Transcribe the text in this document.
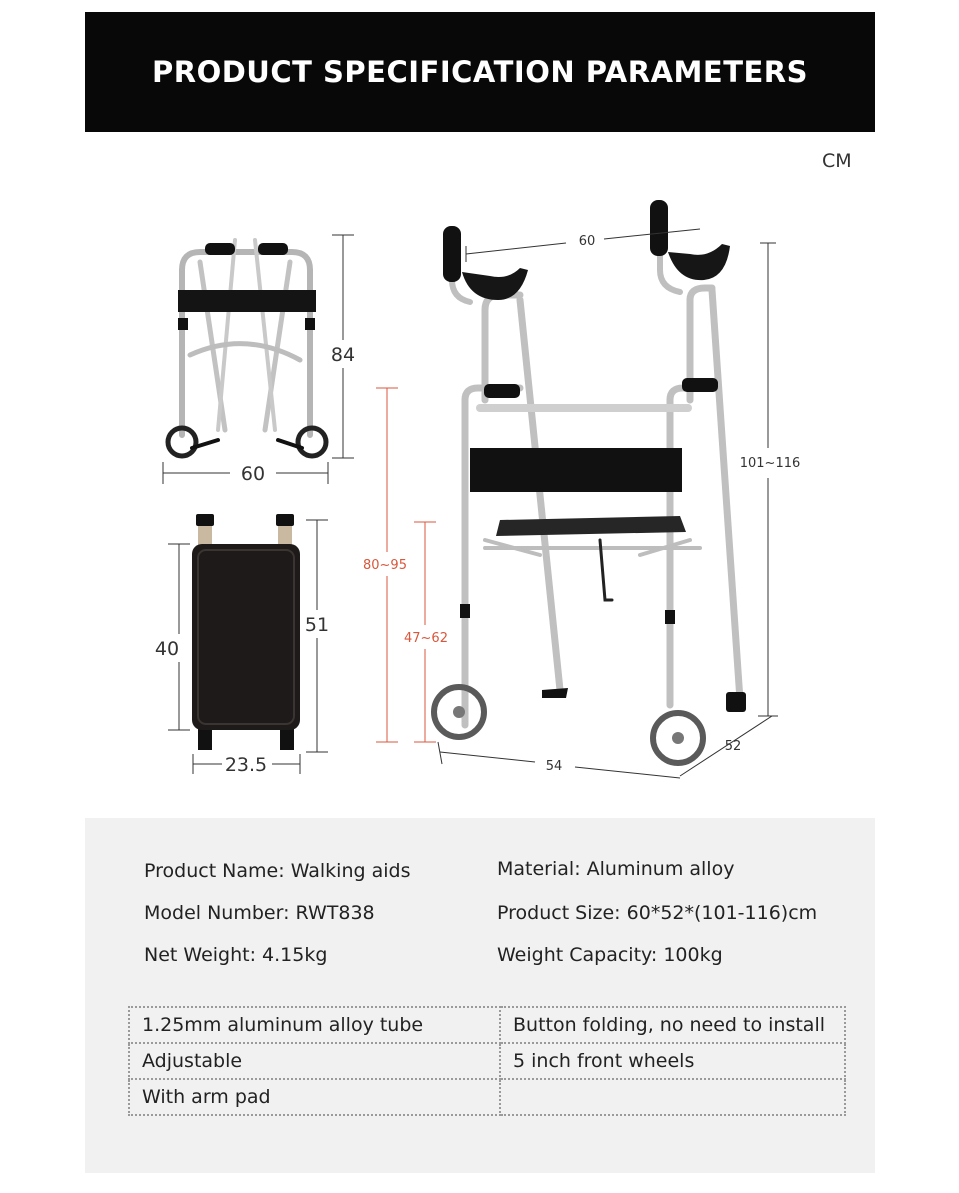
PRODUCT SPECIFICATION PARAMETERS
CM
84
60
40
51
23.5
80~95
47~62
60
101~116
54
52
Product Name: Walking aids
Model Number: RWT838
Net Weight: 4.15kg
Material: Aluminum alloy
Product Size: 60*52*(101-116)cm
Weight Capacity: 100kg
1.25mm aluminum alloy tube	Button folding, no need to install
Adjustable	5 inch front wheels
With arm pad	
